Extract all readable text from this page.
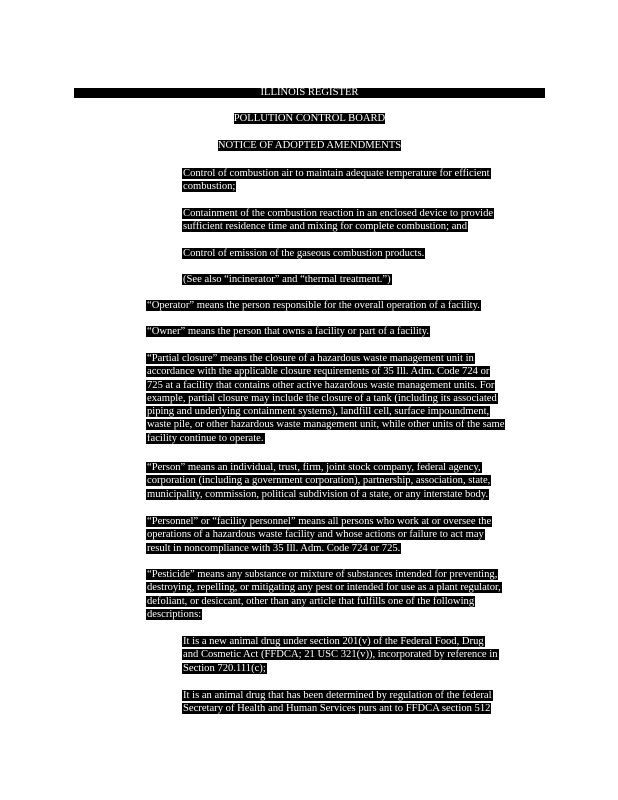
ILLINOIS REGISTER
POLLUTION CONTROL BOARD
NOTICE OF ADOPTED AMENDMENTS
Control of combustion air to maintain adequate temperature for efficient
combustion;
Containment of the combustion reaction in an enclosed device to provide
sufficient residence time and mixing for complete combustion; and
Control of emission of the gaseous combustion products.
(See also “incinerator” and “thermal treatment.”)
“Operator” means the person responsible for the overall operation of a facility.
“Owner” means the person that owns a facility or part of a facility.
“Partial closure” means the closure of a hazardous waste management unit in
accordance with the applicable closure requirements of 35 Ill. Adm. Code 724 or
725 at a facility that contains other active hazardous waste management units. For
example, partial closure may include the closure of a tank (including its associated
piping and underlying containment systems), landfill cell, surface impoundment,
waste pile, or other hazardous waste management unit, while other units of the same
facility continue to operate.
“Person” means an individual, trust, firm, joint stock company, federal agency,
corporation (including a government corporation), partnership, association, state,
municipality, commission, political subdivision of a state, or any interstate body.
“Personnel” or “facility personnel” means all persons who work at or oversee the
operations of a hazardous waste facility and whose actions or failure to act may
result in noncompliance with 35 Ill. Adm. Code 724 or 725.
“Pesticide” means any substance or mixture of substances intended for preventing,
destroying, repelling, or mitigating any pest or intended for use as a plant regulator,
defoliant, or desiccant, other than any article that fulfills one of the following
descriptions:
It is a new animal drug under section 201(v) of the Federal Food, Drug
and Cosmetic Act (FFDCA; 21 USC 321(v)), incorporated by reference in
Section 720.111(c);
It is an animal drug that has been determined by regulation of the federal
Secretary of Health and Human Services purs ant to FFDCA section 512
